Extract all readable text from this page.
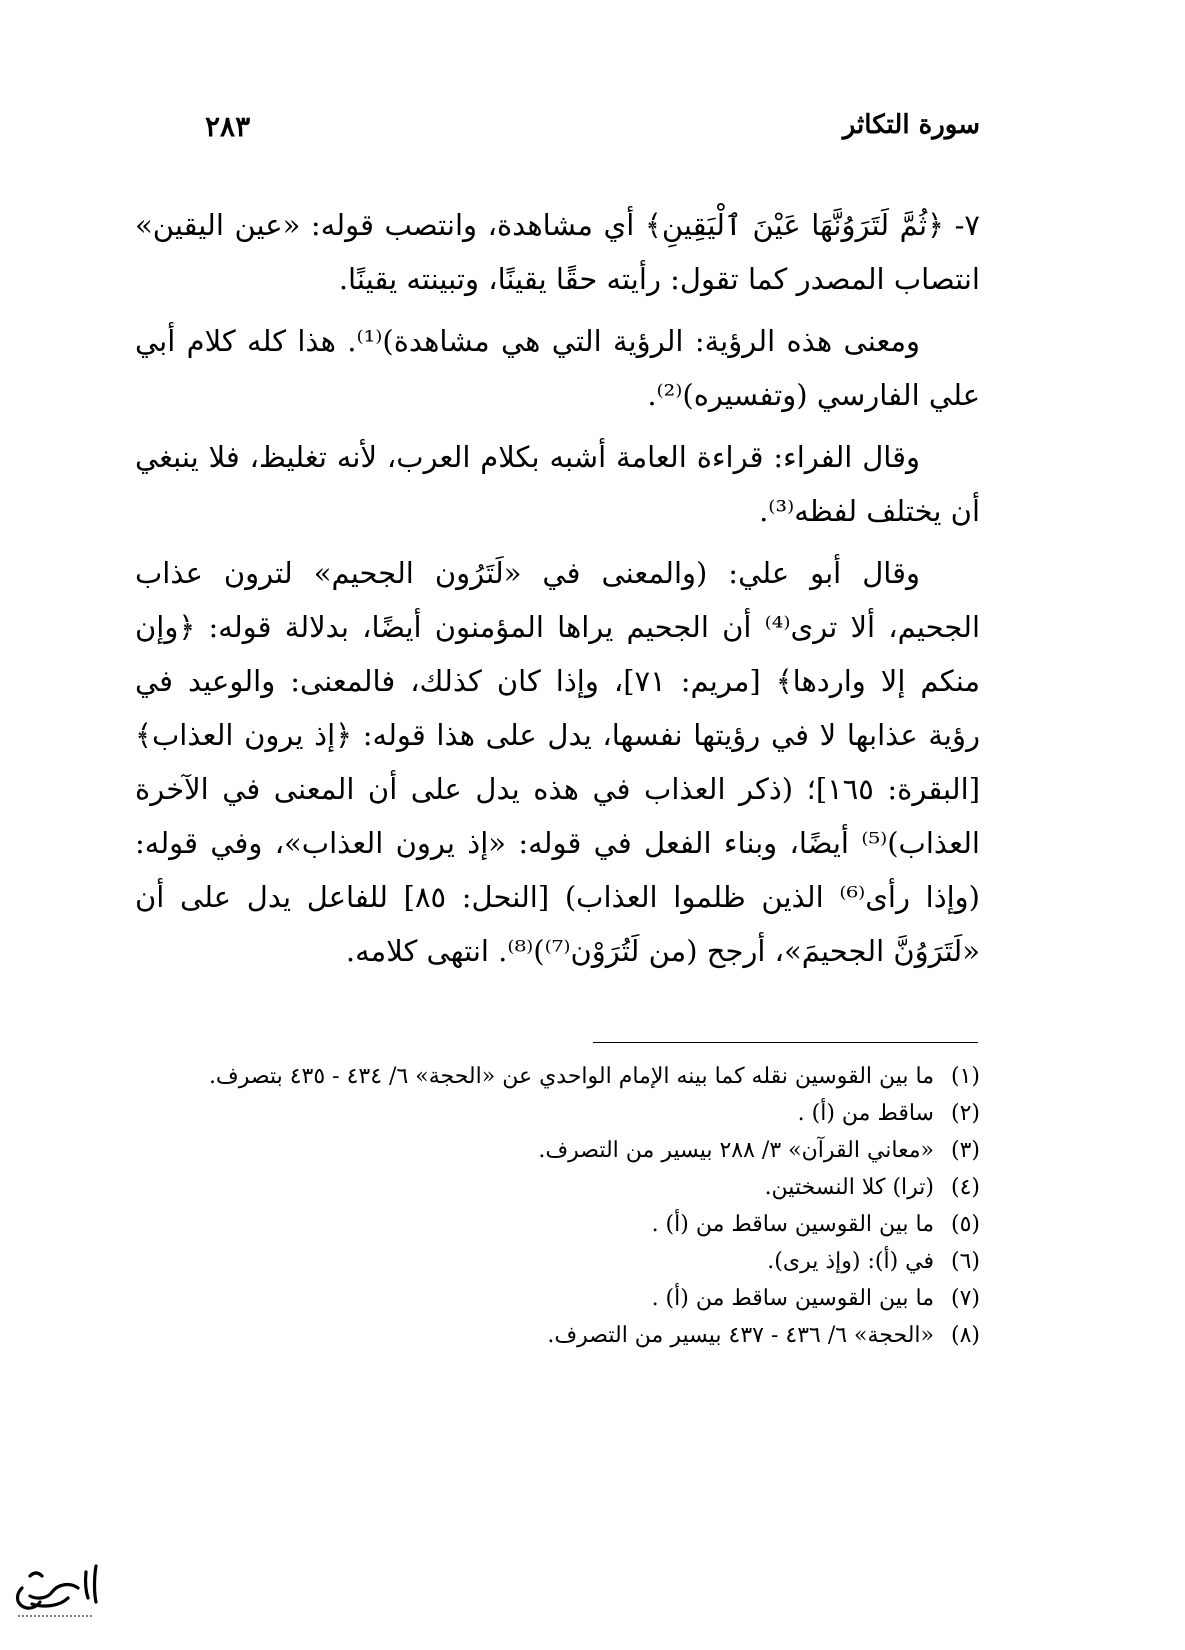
سورة التكاثر
٢٨٣

٧- ﴿ثُمَّ لَتَرَوُنَّهَا عَيْنَ ٱلْيَقِينِ﴾ أي مشاهدة، وانتصب قوله: «عين اليقين» انتصاب المصدر كما تقول: رأيته حقًا يقينًا، وتبينته يقينًا.

ومعنى هذه الرؤية: الرؤية التي هي مشاهدة)⁽¹⁾. هذا كله كلام أبي علي الفارسي (وتفسيره)⁽²⁾.

وقال الفراء: قراءة العامة أشبه بكلام العرب، لأنه تغليظ، فلا ينبغي أن يختلف لفظه⁽³⁾.

وقال أبو علي: (والمعنى في «لَتَرُون الجحيم» لترون عذاب الجحيم، ألا ترى⁽⁴⁾ أن الجحيم يراها المؤمنون أيضًا، بدلالة قوله: ﴿وإن منكم إلا واردها﴾ [مريم: ٧١]، وإذا كان كذلك، فالمعنى: والوعيد في رؤية عذابها لا في رؤيتها نفسها، يدل على هذا قوله: ﴿إذ يرون العذاب﴾ [البقرة: ١٦٥]؛ (ذكر العذاب في هذه يدل على أن المعنى في الآخرة العذاب)⁽⁵⁾ أيضًا، وبناء الفعل في قوله: «إذ يرون العذاب»، وفي قوله: (وإذا رأى⁽⁶⁾ الذين ظلموا العذاب) [النحل: ٨٥] للفاعل يدل على أن «لَتَرَوُنَّ الجحيمَ»، أرجح (من لَتُرَوْن⁽⁷⁾)⁽⁸⁾. انتهى كلامه.

(١)
ما بين القوسين نقله كما بينه الإمام الواحدي عن «الحجة» ٦/ ٤٣٤ - ٤٣٥ بتصرف.
(٢)
ساقط من (أ) .
(٣)
«معاني القرآن» ٣/ ٢٨٨ بيسير من التصرف.
(٤)
(ترا) كلا النسختين.
(٥)
ما بين القوسين ساقط من (أ) .
(٦)
في (أ): (وإذ يرى).
(٧)
ما بين القوسين ساقط من (أ) .
(٨)
«الحجة» ٦/ ٤٣٦ - ٤٣٧ بيسير من التصرف.
